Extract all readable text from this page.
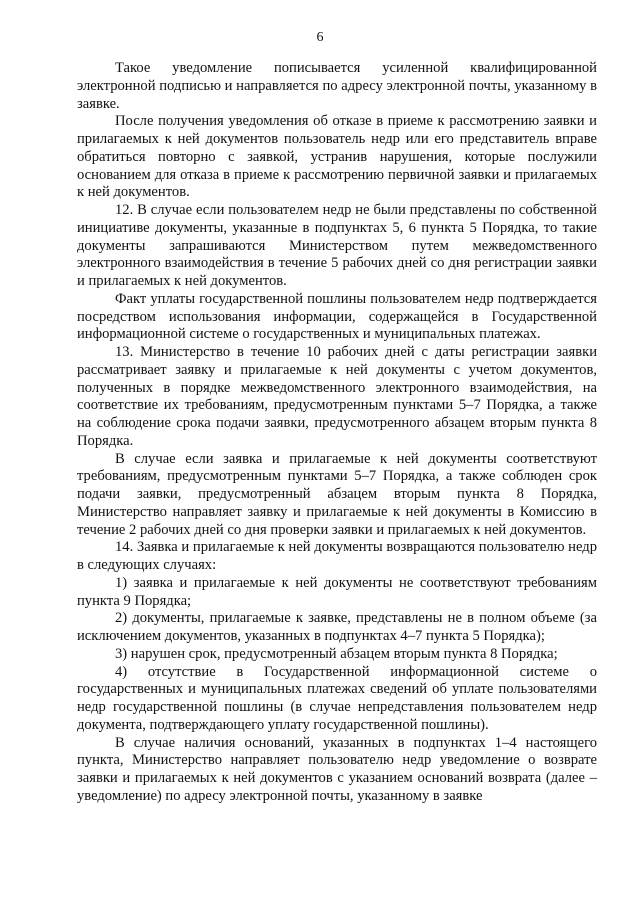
6

Такое уведомление пописывается усиленной квалифицированной электронной подписью и направляется по адресу электронной почты, указанному в заявке.

После получения уведомления об отказе в приеме к рассмотрению заявки и прилагаемых к ней документов пользователь недр или его представитель вправе обратиться повторно с заявкой, устранив нарушения, которые послужили основанием для отказа в приеме к рассмотрению первичной заявки и прилагаемых к ней документов.

12. В случае если пользователем недр не были представлены по собственной инициативе документы, указанные в подпунктах 5, 6 пункта 5 Порядка, то такие документы запрашиваются Министерством путем межведомственного электронного взаимодействия в течение 5 рабочих дней со дня регистрации заявки и прилагаемых к ней документов.

Факт уплаты государственной пошлины пользователем недр подтверждается посредством использования информации, содержащейся в Государственной информационной системе о государственных и муниципальных платежах.

13. Министерство в течение 10 рабочих дней с даты регистрации заявки рассматривает заявку и прилагаемые к ней документы с учетом документов, полученных в порядке межведомственного электронного взаимодействия, на соответствие их требованиям, предусмотренным пунктами 5–7 Порядка, а также на соблюдение срока подачи заявки, предусмотренного абзацем вторым пункта 8 Порядка.

В случае если заявка и прилагаемые к ней документы соответствуют требованиям, предусмотренным пунктами 5–7 Порядка, а также соблюден срок подачи заявки, предусмотренный абзацем вторым пункта 8 Порядка, Министерство направляет заявку и прилагаемые к ней документы в Комиссию в течение 2 рабочих дней со дня проверки заявки и прилагаемых к ней документов.

14. Заявка и прилагаемые к ней документы возвращаются пользователю недр в следующих случаях:

1) заявка и прилагаемые к ней документы не соответствуют требованиям пункта 9 Порядка;

2) документы, прилагаемые к заявке, представлены не в полном объеме (за исключением документов, указанных в подпунктах 4–7 пункта 5 Порядка);

3) нарушен срок, предусмотренный абзацем вторым пункта 8 Порядка;

4) отсутствие в Государственной информационной системе о государственных и муниципальных платежах сведений об уплате пользователями недр государственной пошлины (в случае непредставления пользователем недр документа, подтверждающего уплату государственной пошлины).

В случае наличия оснований, указанных в подпунктах 1–4 настоящего пункта, Министерство направляет пользователю недр уведомление о возврате заявки и прилагаемых к ней документов с указанием оснований возврата (далее – уведомление) по адресу электронной почты, указанному в заявке
